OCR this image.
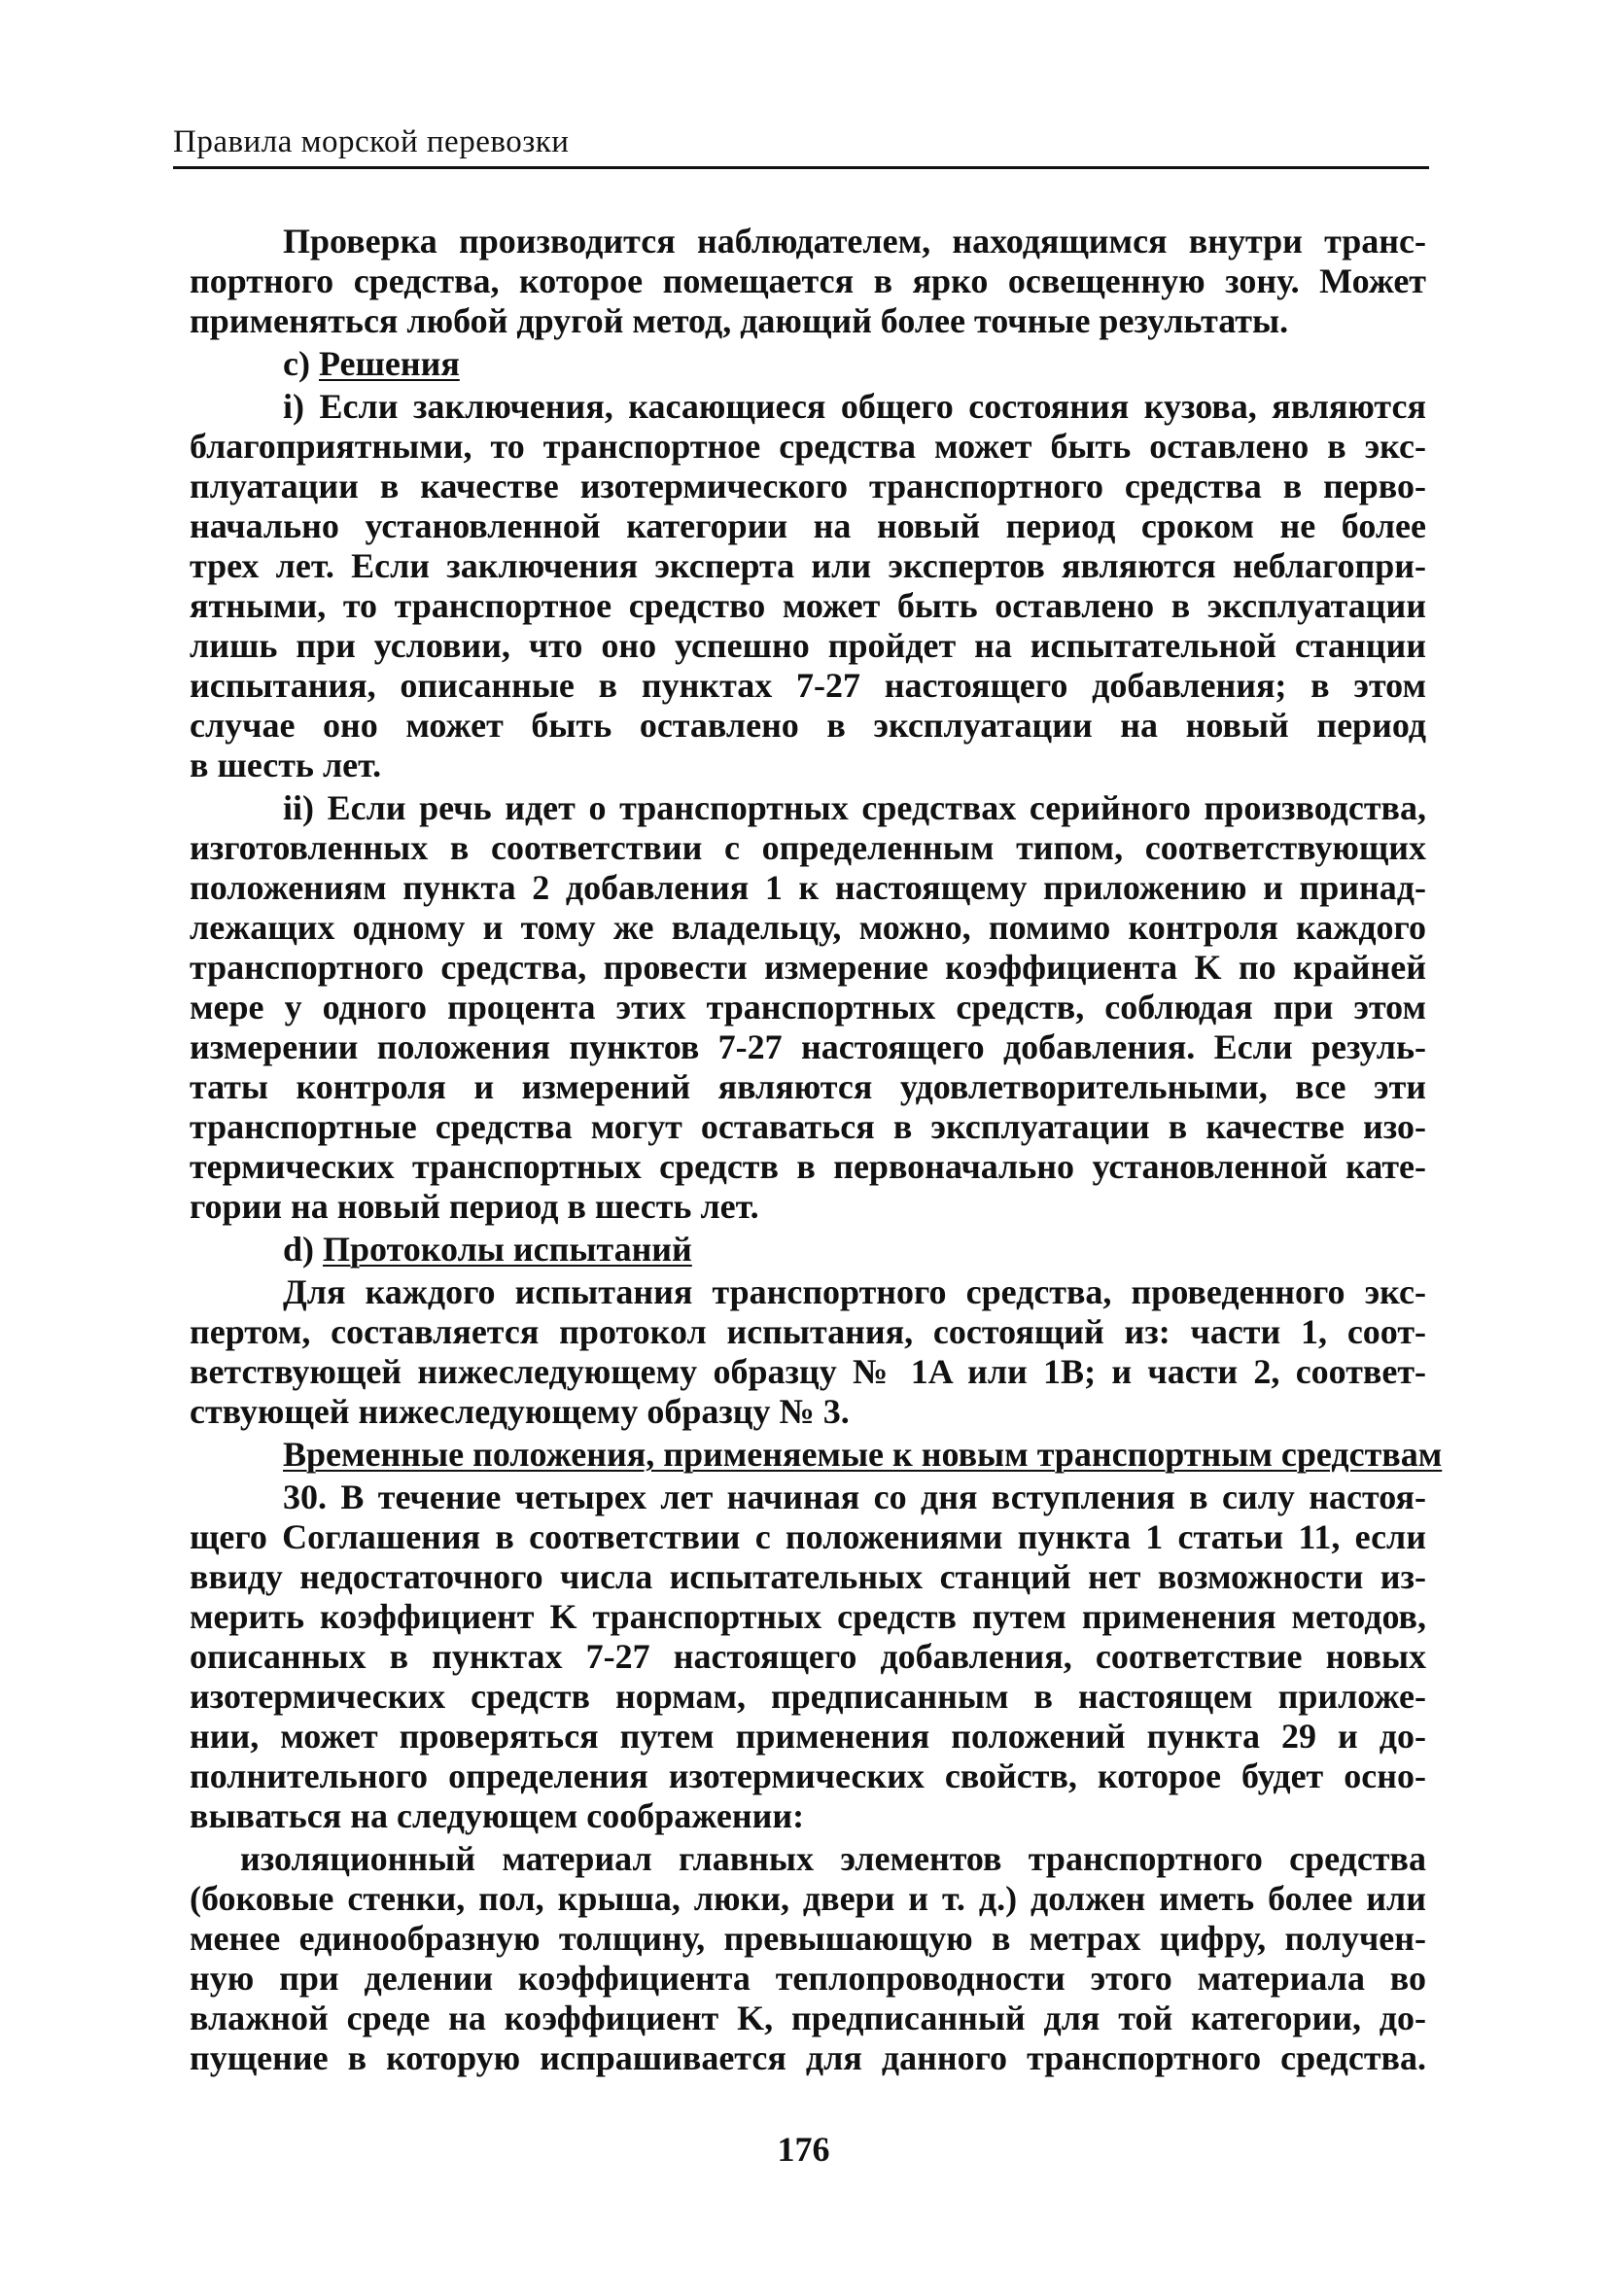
Правила морской перевозки
Проверка производится наблюдателем, находящимся внутри транс-
портного средства, которое помещается в ярко освещенную зону. Может
применяться любой другой метод, дающий более точные результаты.
c) Решения
i) Если заключения, касающиеся общего состояния кузова, являются
благоприятными, то транспортное средства может быть оставлено в экс-
плуатации в качестве изотермического транспортного средства в перво-
начально установленной категории на новый период сроком не более
трех лет. Если заключения эксперта или экспертов являются неблагопри-
ятными, то транспортное средство может быть оставлено в эксплуатации
лишь при условии, что оно успешно пройдет на испытательной станции
испытания, описанные в пунктах 7-27 настоящего добавления; в этом
случае оно может быть оставлено в эксплуатации на новый период
в шесть лет.
ii) Если речь идет о транспортных средствах серийного производства,
изготовленных в соответствии с определенным типом, соответствующих
положениям пункта 2 добавления 1 к настоящему приложению и принад-
лежащих одному и тому же владельцу, можно, помимо контроля каждого
транспортного средства, провести измерение коэффициента K по крайней
мере у одного процента этих транспортных средств, соблюдая при этом
измерении положения пунктов 7-27 настоящего добавления. Если резуль-
таты контроля и измерений являются удовлетворительными, все эти
транспортные средства могут оставаться в эксплуатации в качестве изо-
термических транспортных средств в первоначально установленной кате-
гории на новый период в шесть лет.
d) Протоколы испытаний
Для каждого испытания транспортного средства, проведенного экс-
пертом, составляется протокол испытания, состоящий из: части 1, соот-
ветствующей нижеследующему образцу № 1A или 1B; и части 2, соответ-
ствующей нижеследующему образцу № 3.
Временные положения, применяемые к новым транспортным средствам
30. В течение четырех лет начиная со дня вступления в силу настоя-
щего Соглашения в соответствии с положениями пункта 1 статьи 11, если
ввиду недостаточного числа испытательных станций нет возможности из-
мерить коэффициент K транспортных средств путем применения методов,
описанных в пунктах 7-27 настоящего добавления, соответствие новых
изотермических средств нормам, предписанным в настоящем приложе-
нии, может проверяться путем применения положений пункта 29 и до-
полнительного определения изотермических свойств, которое будет осно-
вываться на следующем соображении:
изоляционный материал главных элементов транспортного средства
(боковые стенки, пол, крыша, люки, двери и т. д.) должен иметь более или
менее единообразную толщину, превышающую в метрах цифру, получен-
ную при делении коэффициента теплопроводности этого материала во
влажной среде на коэффициент K, предписанный для той категории, до-
пущение в которую испрашивается для данного транспортного средства.
176
